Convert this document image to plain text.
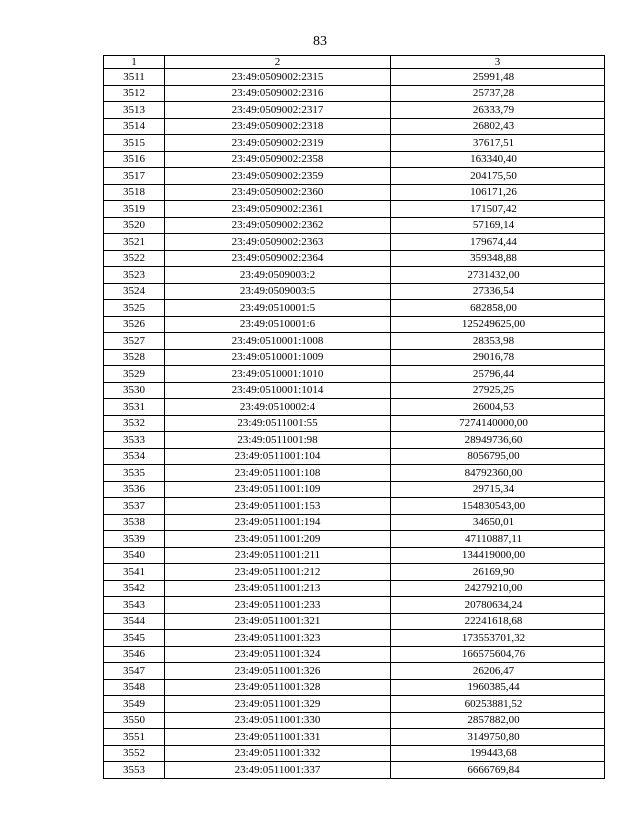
83
1	2	3
3511	23:49:0509002:2315	25991,48
3512	23:49:0509002:2316	25737,28
3513	23:49:0509002:2317	26333,79
3514	23:49:0509002:2318	26802,43
3515	23:49:0509002:2319	37617,51
3516	23:49:0509002:2358	163340,40
3517	23:49:0509002:2359	204175,50
3518	23:49:0509002:2360	106171,26
3519	23:49:0509002:2361	171507,42
3520	23:49:0509002:2362	57169,14
3521	23:49:0509002:2363	179674,44
3522	23:49:0509002:2364	359348,88
3523	23:49:0509003:2	2731432,00
3524	23:49:0509003:5	27336,54
3525	23:49:0510001:5	682858,00
3526	23:49:0510001:6	125249625,00
3527	23:49:0510001:1008	28353,98
3528	23:49:0510001:1009	29016,78
3529	23:49:0510001:1010	25796,44
3530	23:49:0510001:1014	27925,25
3531	23:49:0510002:4	26004,53
3532	23:49:0511001:55	7274140000,00
3533	23:49:0511001:98	28949736,60
3534	23:49:0511001:104	8056795,00
3535	23:49:0511001:108	84792360,00
3536	23:49:0511001:109	29715,34
3537	23:49:0511001:153	154830543,00
3538	23:49:0511001:194	34650,01
3539	23:49:0511001:209	47110887,11
3540	23:49:0511001:211	134419000,00
3541	23:49:0511001:212	26169,90
3542	23:49:0511001:213	24279210,00
3543	23:49:0511001:233	20780634,24
3544	23:49:0511001:321	22241618,68
3545	23:49:0511001:323	173553701,32
3546	23:49:0511001:324	166575604,76
3547	23:49:0511001:326	26206,47
3548	23:49:0511001:328	1960385,44
3549	23:49:0511001:329	60253881,52
3550	23:49:0511001:330	2857882,00
3551	23:49:0511001:331	3149750,80
3552	23:49:0511001:332	199443,68
3553	23:49:0511001:337	6666769,84
